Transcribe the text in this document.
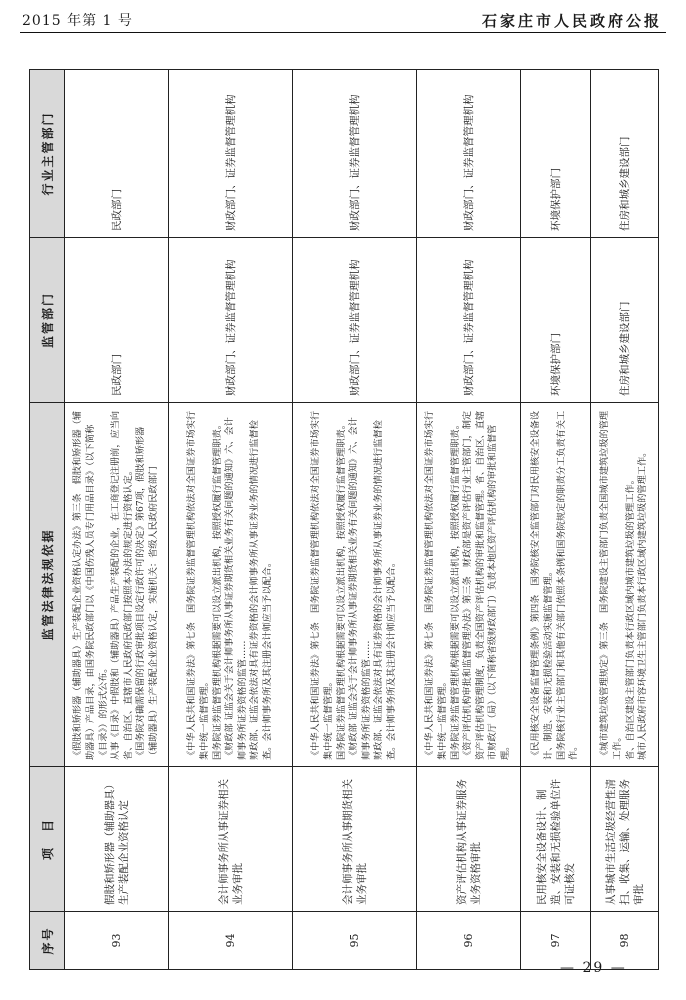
2015 年第 1 号	石家庄市人民政府公报
序号	项　目	监管法律法规依据	监管部门	行业主管部门
93	假肢和矫形器（辅助器具）生产装配企业资格认定	《假肢和矫形器（辅助器具）生产装配企业资格认定办法》第三条　假肢和矫形器（辅助器具）产品目录，由国务院民政部门以《中国伤残人员专门用品目录》（以下简称《目录》）的形式公布。 从事《目录》中假肢和（辅助器具）产品生产装配的企业，在工商登记注册前，应当向省、自治区、直辖市人民政府民政部门按照本办法的规定进行资格认定。 《国务院对确需保留的行政审批项目设定行政许可的决定》第67项，假肢和矫形器（辅助器具）生产装配企业资格认定，实施机关：省级人民政府民政部门	民政部门	民政部门
94	会计师事务所从事证券相关业务审批	《中华人民共和国证券法》第七条　国务院证券监督管理机构依法对全国证券市场实行集中统一监督管理。 国务院证券监督管理机构根据需要可以设立派出机构，按照授权履行监督管理职责。 《财政部 证监会关于会计师事务所从事证券期货相关业务有关问题的通知》六、会计师事务所证券资格的监管…… 财政部、证监会依法对具有证券资格的会计师事务所从事证券业务的情况进行监督检查。会计师事务所及其注册会计师应当予以配合。	财政部门、证券监督管理机构	财政部门、证券监督管理机构
95	会计师事务所从事期货相关业务审批	《中华人民共和国证券法》第七条　国务院证券监督管理机构依法对全国证券市场实行集中统一监督管理。 国务院证券监督管理机构根据需要可以设立派出机构，按照授权履行监督管理职责。 《财政部 证监会关于会计师事务所从事证券期货相关业务有关问题的通知》六、会计师事务所证券资格的监管…… 财政部、证监会依法对具有证券资格的会计师事务所从事证券业务的情况进行监督检查。会计师事务所及其注册会计师应当予以配合。	财政部门、证券监督管理机构	财政部门、证券监督管理机构
96	资产评估机构从事证券服务业务资格审批	《中华人民共和国证券法》第七条　国务院证券监督管理机构依法对全国证券市场实行集中统一监督管理。 国务院证券监督管理机构根据需要可以设立派出机构，按照授权履行监督管理职责。 《资产评估机构审批和监督管理办法》第三条　财政部是资产评估行业主管部门，制定资产评估机构管理制度，负责全国资产评估机构的审批和监督管理。省、自治区、直辖市财政厅（局）（以下简称省级财政部门）负责本地区资产评估机构的审批和监督管理。	财政部门、证券监督管理机构	财政部门、证券监督管理机构
97	民用核安全设备设计、制造、安装和无损检验单位许可证核发	《民用核安全设备监督管理条例》第四条　国务院核安全监管部门对民用核安全设备设计、制造、安装和无损检验活动实施监督管理。 国务院核行业主管部门和其他有关部门依照本条例和国务院规定的职责分工负责有关工作。	环境保护部门	环境保护部门
98	从事城市生活垃圾经营性清扫、收集、运输、处理服务审批	《城市建筑垃圾管理规定》第三条　国务院建设主管部门负责全国城市建筑垃圾的管理工作。 省、自治区建设主管部门负责本行政区域内城市建筑垃圾的管理工作。 城市人民政府市容环境卫生主管部门负责本行政区域内建筑垃圾的管理工作。	住房和城乡建设部门	住房和城乡建设部门
— 29 —
